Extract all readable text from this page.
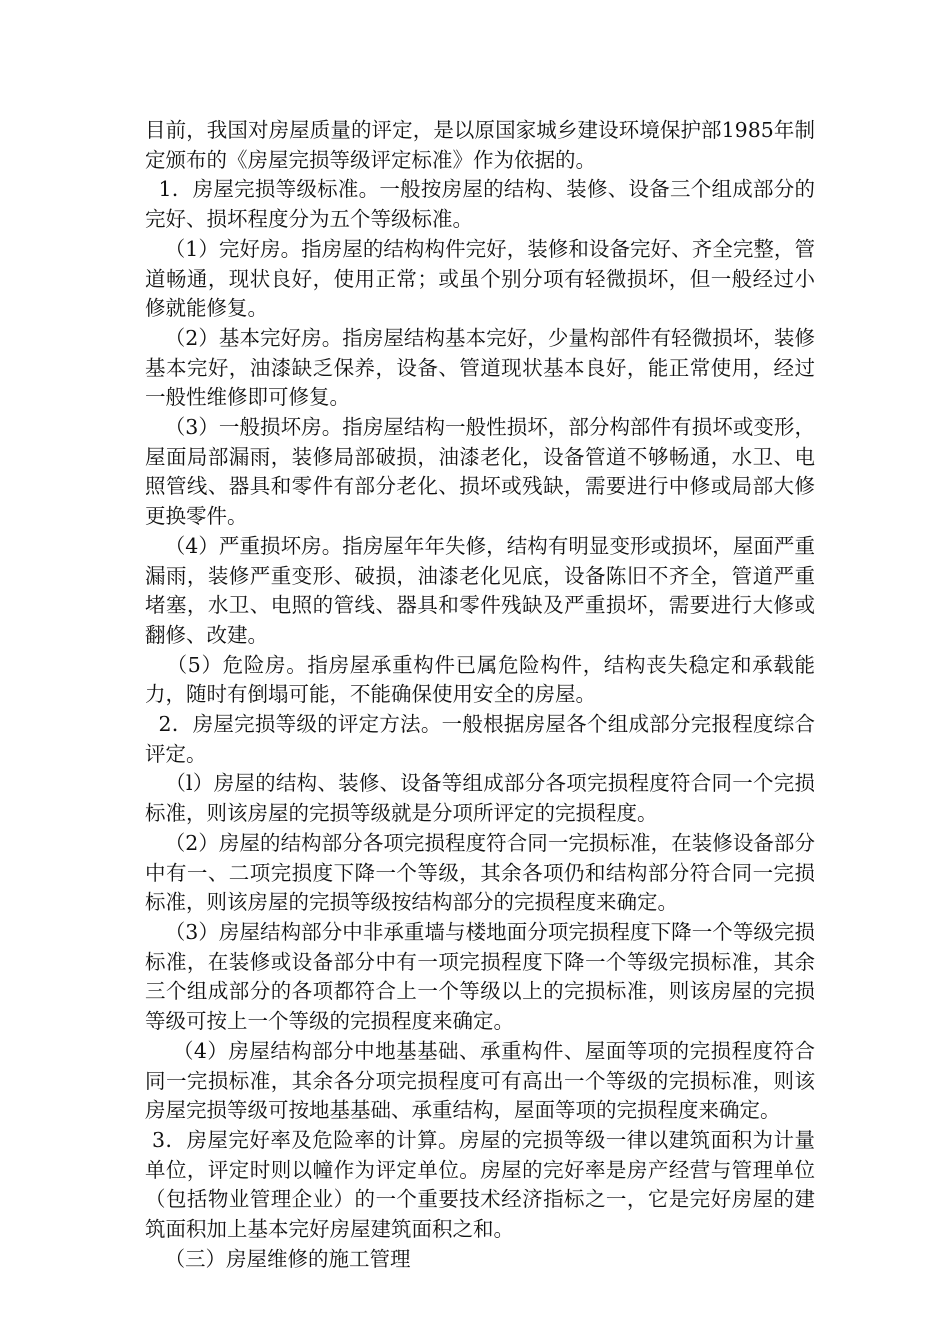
目前，我国对房屋质量的评定，是以原国家城乡建设环境保护部1985年制定颁布的《房屋完损等级评定标准》作为依据的。

1．房屋完损等级标准。一般按房屋的结构、装修、设备三个组成部分的完好、损坏程度分为五个等级标准。

（1）完好房。指房屋的结构构件完好，装修和设备完好、齐全完整，管道畅通，现状良好，使用正常；或虽个别分项有轻微损坏，但一般经过小修就能修复。

（2）基本完好房。指房屋结构基本完好，少量构部件有轻微损坏，装修基本完好，油漆缺乏保养，设备、管道现状基本良好，能正常使用，经过一般性维修即可修复。

（3）一般损坏房。指房屋结构一般性损坏，部分构部件有损坏或变形，屋面局部漏雨，装修局部破损，油漆老化，设备管道不够畅通，水卫、电照管线、器具和零件有部分老化、损坏或残缺，需要进行中修或局部大修更换零件。

（4）严重损坏房。指房屋年年失修，结构有明显变形或损坏，屋面严重漏雨，装修严重变形、破损，油漆老化见底，设备陈旧不齐全，管道严重堵塞，水卫、电照的管线、器具和零件残缺及严重损坏，需要进行大修或翻修、改建。

（5）危险房。指房屋承重构件已属危险构件，结构丧失稳定和承载能力，随时有倒塌可能，不能确保使用安全的房屋。

2．房屋完损等级的评定方法。一般根据房屋各个组成部分完报程度综合评定。

（l）房屋的结构、装修、设备等组成部分各项完损程度符合同一个完损标准，则该房屋的完损等级就是分项所评定的完损程度。

（2）房屋的结构部分各项完损程度符合同一完损标准，在装修设备部分中有一、二项完损度下降一个等级，其余各项仍和结构部分符合同一完损标准，则该房屋的完损等级按结构部分的完损程度来确定。

（3）房屋结构部分中非承重墙与楼地面分项完损程度下降一个等级完损标准，在装修或设备部分中有一项完损程度下降一个等级完损标准，其余三个组成部分的各项都符合上一个等级以上的完损标准，则该房屋的完损等级可按上一个等级的完损程度来确定。

（4）房屋结构部分中地基基础、承重构件、屋面等项的完损程度符合同一完损标准，其余各分项完损程度可有高出一个等级的完损标准，则该房屋完损等级可按地基基础、承重结构，屋面等项的完损程度来确定。

3．房屋完好率及危险率的计算。房屋的完损等级一律以建筑面积为计量单位，评定时则以幢作为评定单位。房屋的完好率是房产经营与管理单位（包括物业管理企业）的一个重要技术经济指标之一，它是完好房屋的建筑面积加上基本完好房屋建筑面积之和。

（三）房屋维修的施工管理
